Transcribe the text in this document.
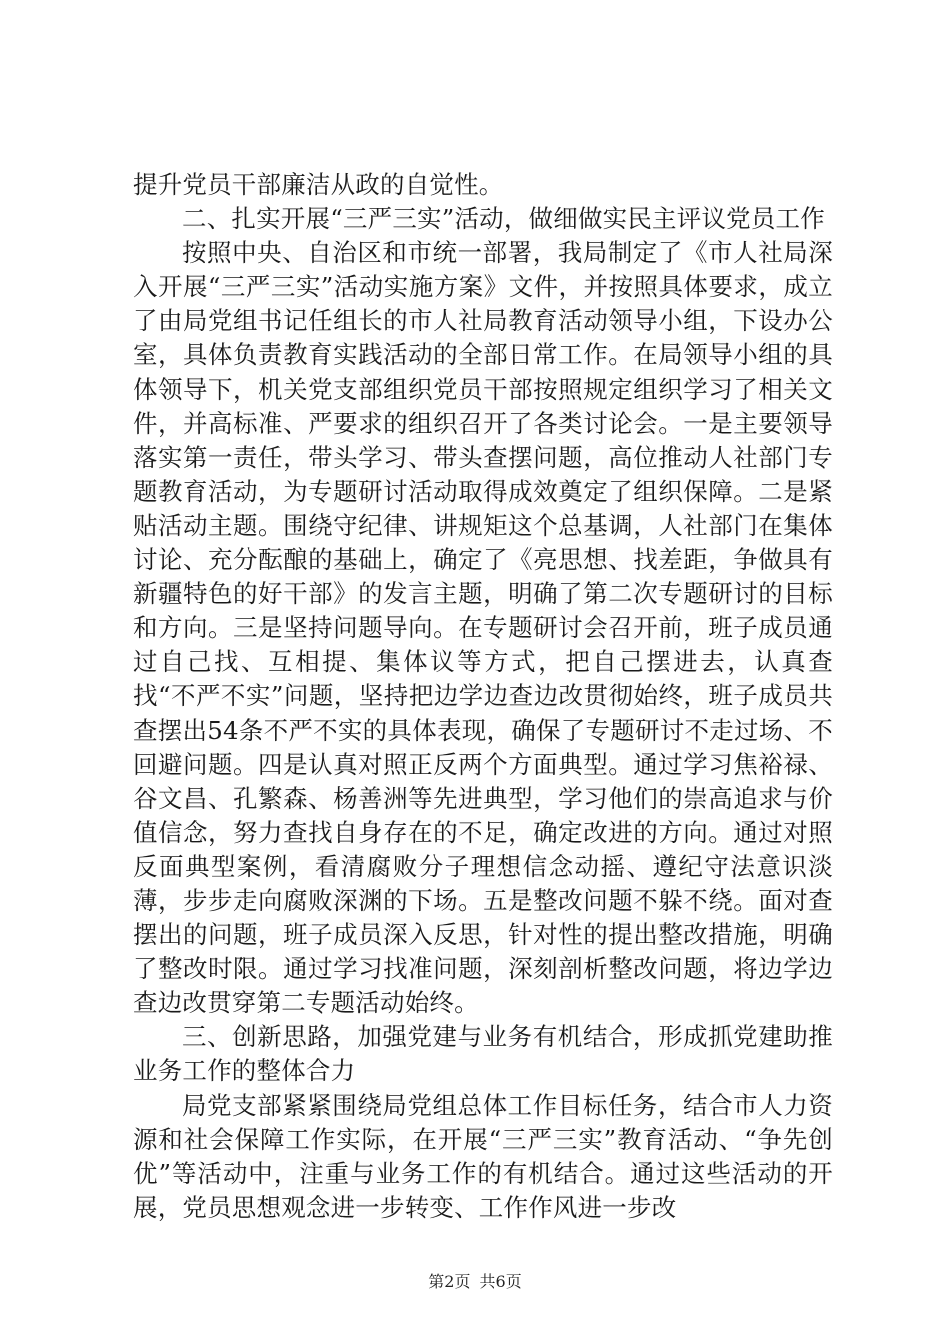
提升党员干部廉洁从政的自觉性。

二、扎实开展“三严三实”活动，做细做实民主评议党员工作

按照中央、自治区和市统一部署，我局制定了《市人社局深入开展“三严三实”活动实施方案》文件，并按照具体要求，成立了由局党组书记任组长的市人社局教育活动领导小组，下设办公室，具体负责教育实践活动的全部日常工作。在局领导小组的具体领导下，机关党支部组织党员干部按照规定组织学习了相关文件，并高标准、严要求的组织召开了各类讨论会。一是主要领导落实第一责任，带头学习、带头查摆问题，高位推动人社部门专题教育活动，为专题研讨活动取得成效奠定了组织保障。二是紧贴活动主题。围绕守纪律、讲规矩这个总基调，人社部门在集体讨论、充分酝酿的基础上，确定了《亮思想、找差距，争做具有新疆特色的好干部》的发言主题，明确了第二次专题研讨的目标和方向。三是坚持问题导向。在专题研讨会召开前，班子成员通过自己找、互相提、集体议等方式，把自己摆进去，认真查找“不严不实”问题，坚持把边学边查边改贯彻始终，班子成员共查摆出54条不严不实的具体表现，确保了专题研讨不走过场、不回避问题。四是认真对照正反两个方面典型。通过学习焦裕禄、谷文昌、孔繁森、杨善洲等先进典型，学习他们的崇高追求与价值信念，努力查找自身存在的不足，确定改进的方向。通过对照反面典型案例，看清腐败分子理想信念动摇、遵纪守法意识淡薄，步步走向腐败深渊的下场。五是整改问题不躲不绕。面对查摆出的问题，班子成员深入反思，针对性的提出整改措施，明确了整改时限。通过学习找准问题，深刻剖析整改问题，将边学边查边改贯穿第二专题活动始终。

三、创新思路，加强党建与业务有机结合，形成抓党建助推业务工作的整体合力

局党支部紧紧围绕局党组总体工作目标任务，结合市人力资源和社会保障工作实际，在开展“三严三实”教育活动、“争先创优”等活动中，注重与业务工作的有机结合。通过这些活动的开展，党员思想观念进一步转变、工作作风进一步改

第2页 共6页
